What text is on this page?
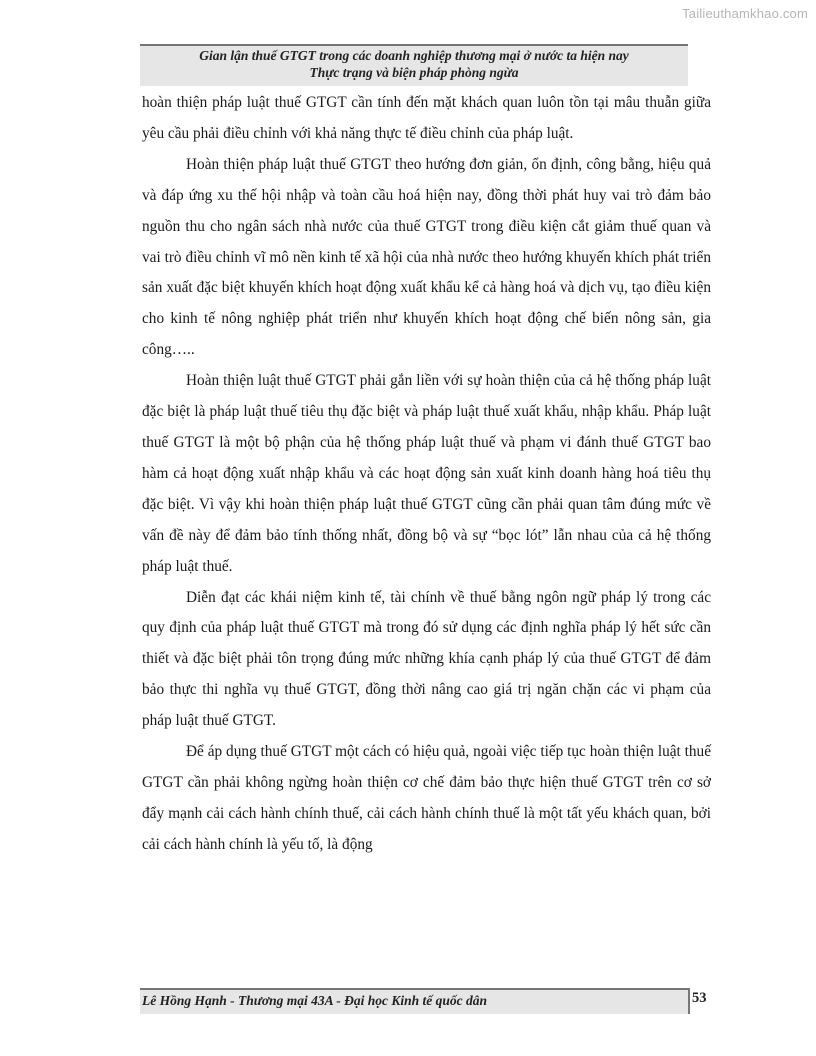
Tailieuthamkhao.com
Gian lận thuế GTGT trong các doanh nghiệp thương mại ở nước ta hiện nay
Thực trạng và biện pháp phòng ngừa

hoàn thiện pháp luật thuế GTGT cần tính đến mặt khách quan luôn tồn tại mâu thuẫn giữa yêu cầu phải điều chỉnh với khả năng thực tế điều chỉnh của pháp luật.

Hoàn thiện pháp luật thuế GTGT theo hướng đơn giản, ổn định, công bằng, hiệu quả và đáp ứng xu thế hội nhập và toàn cầu hoá hiện nay, đồng thời phát huy vai trò đảm bảo nguồn thu cho ngân sách nhà nước của thuế GTGT trong điều kiện cắt giảm thuế quan và vai trò điều chỉnh vĩ mô nền kinh tế xã hội của nhà nước theo hướng khuyến khích phát triển sản xuất đặc biệt khuyến khích hoạt động xuất khẩu kể cả hàng hoá và dịch vụ, tạo điều kiện cho kinh tế nông nghiệp phát triển như khuyến khích hoạt động chế biến nông sản, gia công…..

Hoàn thiện luật thuế GTGT phải gắn liền với sự hoàn thiện của cả hệ thống pháp luật đặc biệt là pháp luật thuế tiêu thụ đặc biệt và pháp luật thuế xuất khẩu, nhập khẩu. Pháp luật thuế GTGT là một bộ phận của hệ thống pháp luật thuế và phạm vi đánh thuế GTGT bao hàm cả hoạt động xuất nhập khẩu và các hoạt động sản xuất kinh doanh hàng hoá tiêu thụ đặc biệt. Vì vậy khi hoàn thiện pháp luật thuế GTGT cũng cần phải quan tâm đúng mức về vấn đề này để đảm bảo tính thống nhất, đồng bộ và sự “bọc lót” lẫn nhau của cả hệ thống pháp luật thuế.

Diễn đạt các khái niệm kinh tế, tài chính về thuế bằng ngôn ngữ pháp lý trong các quy định của pháp luật thuế GTGT mà trong đó sử dụng các định nghĩa pháp lý hết sức cần thiết và đặc biệt phải tôn trọng đúng mức những khía cạnh pháp lý của thuế GTGT để đảm bảo thực thi nghĩa vụ thuế GTGT, đồng thời nâng cao giá trị ngăn chặn các vi phạm của pháp luật thuế GTGT.

Để áp dụng thuế GTGT một cách có hiệu quả, ngoài việc tiếp tục hoàn thiện luật thuế GTGT cần phải không ngừng hoàn thiện cơ chế đảm bảo thực hiện thuế GTGT trên cơ sở đẩy mạnh cải cách hành chính thuế, cải cách hành chính thuế là một tất yếu khách quan, bởi cải cách hành chính là yếu tố, là động

Lê Hồng Hạnh - Thương mại 43A - Đại học Kinh tế quốc dân	53
